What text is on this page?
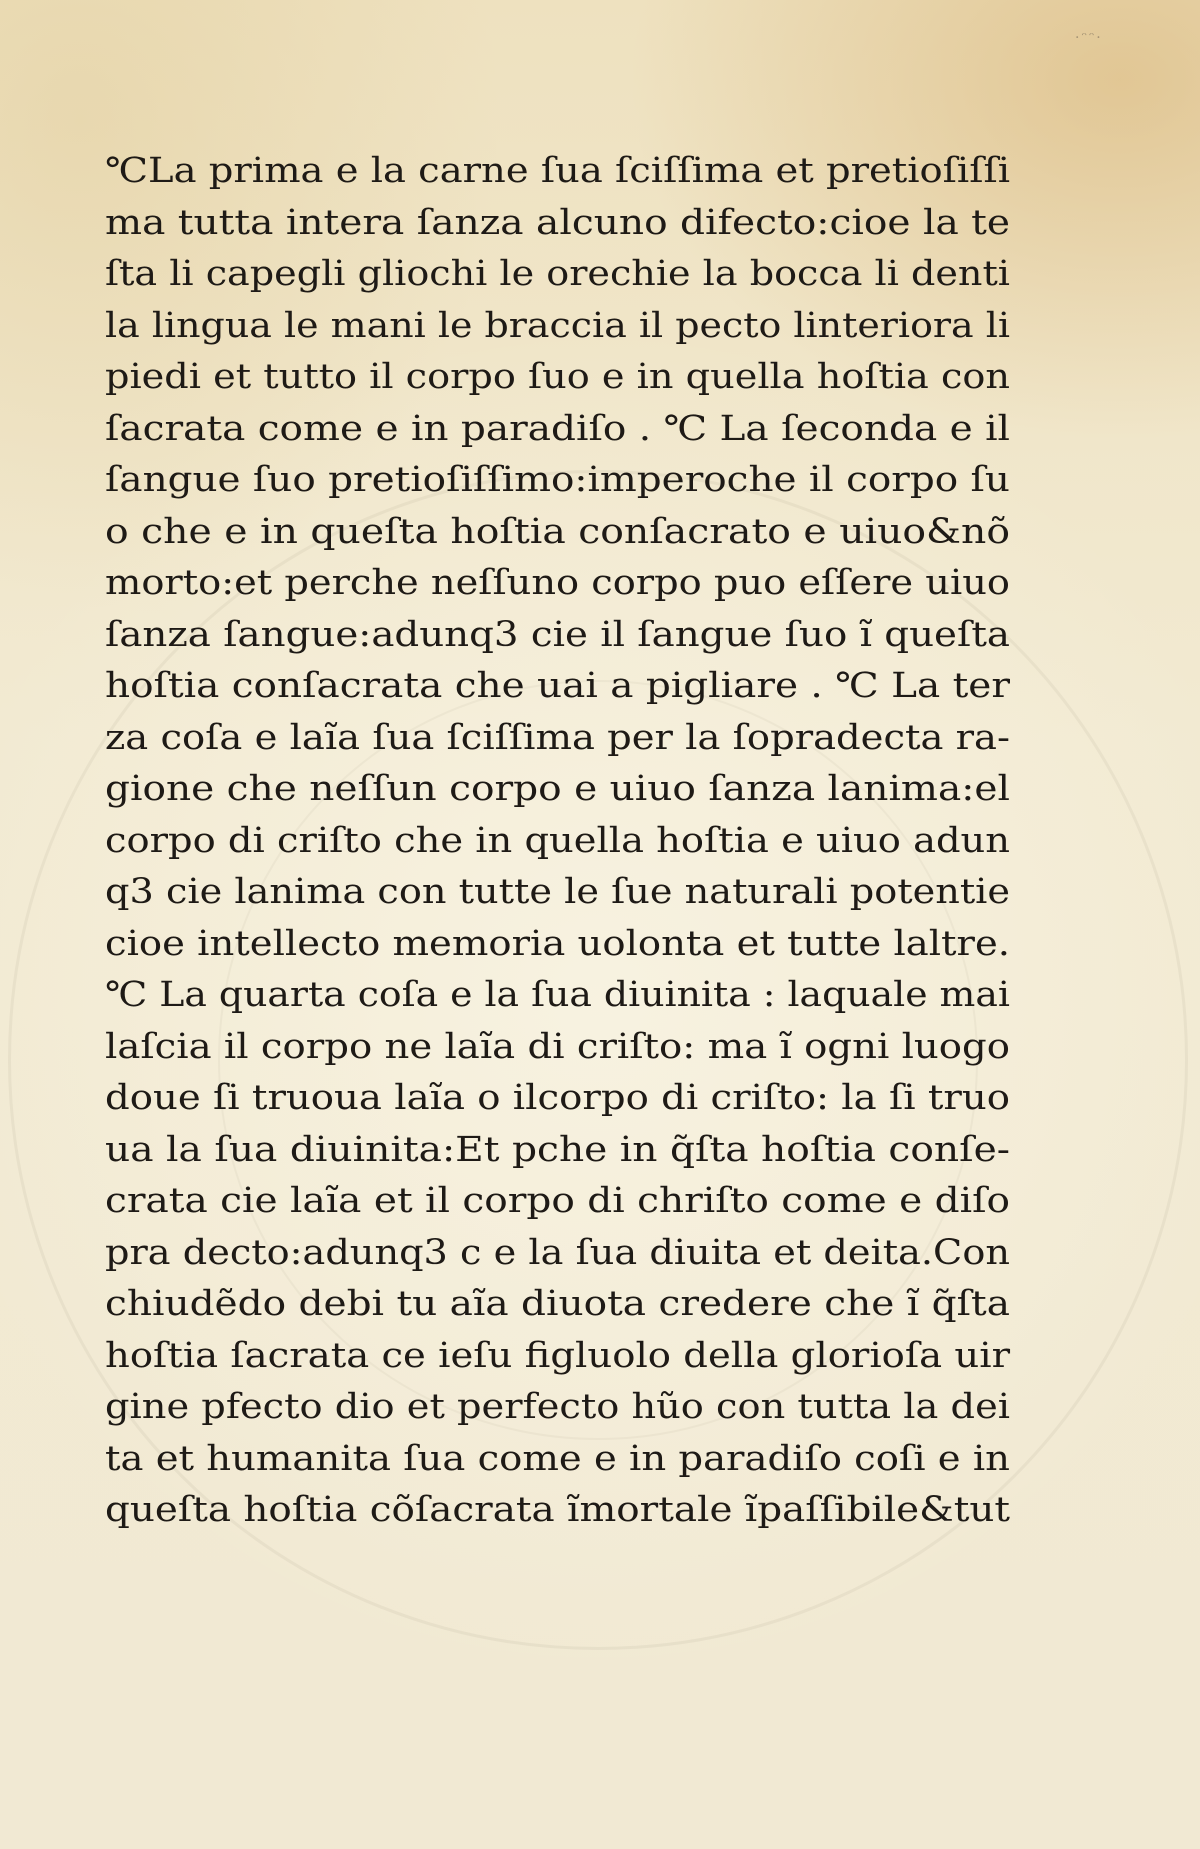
·ᵔᵔ·
℃La prima e la carne ſua ſciſſima et pretioſiſſi
ma tutta intera ſanza alcuno difecto:cioe la te
ſta li capegli gliochi le orechie la bocca li denti
la lingua le mani le braccia il pecto linteriora li
piedi et tutto il corpo ſuo e in quella hoſtia con
ſacrata come e in paradiſo . ℃ La ſeconda e il
ſangue ſuo pretioſiſſimo:imperoche il corpo ſu
o che e in queſta hoſtia conſacrato e uiuo&nõ
morto:et perche neſſuno corpo puo eſſere uiuo
ſanza ſangue:adunq3 cie il ſangue ſuo ĩ queſta
hoſtia conſacrata che uai a pigliare . ℃ La ter
za coſa e laĩa ſua ſciſſima per la ſopradecta ra-
gione che neſſun corpo e uiuo ſanza lanima:el
corpo di criſto che in quella hoſtia e uiuo adun
q3 cie lanima con tutte le ſue naturali potentie
cioe intellecto memoria uolonta et tutte laltre.
℃ La quarta coſa e la ſua diuinita : laquale mai
laſcia il corpo ne laĩa di criſto: ma ĩ ogni luogo
doue ſi truoua laĩa o ilcorpo di criſto: la ſi truo
ua la ſua diuinita:Et pche in q̃ſta hoſtia conſe-
crata cie laĩa et il corpo di chriſto come e diſo
pra decto:adunq3 c e la ſua diuita et deita.Con
chiudẽdo debi tu aĩa diuota credere che ĩ q̃ſta
hoſtia ſacrata ce ieſu figluolo della glorioſa uir
gine pfecto dio et perfecto hũo con tutta la dei
ta et humanita ſua come e in paradiſo coſi e in
queſta hoſtia cõſacrata ĩmortale ĩpaſſibile&tut
